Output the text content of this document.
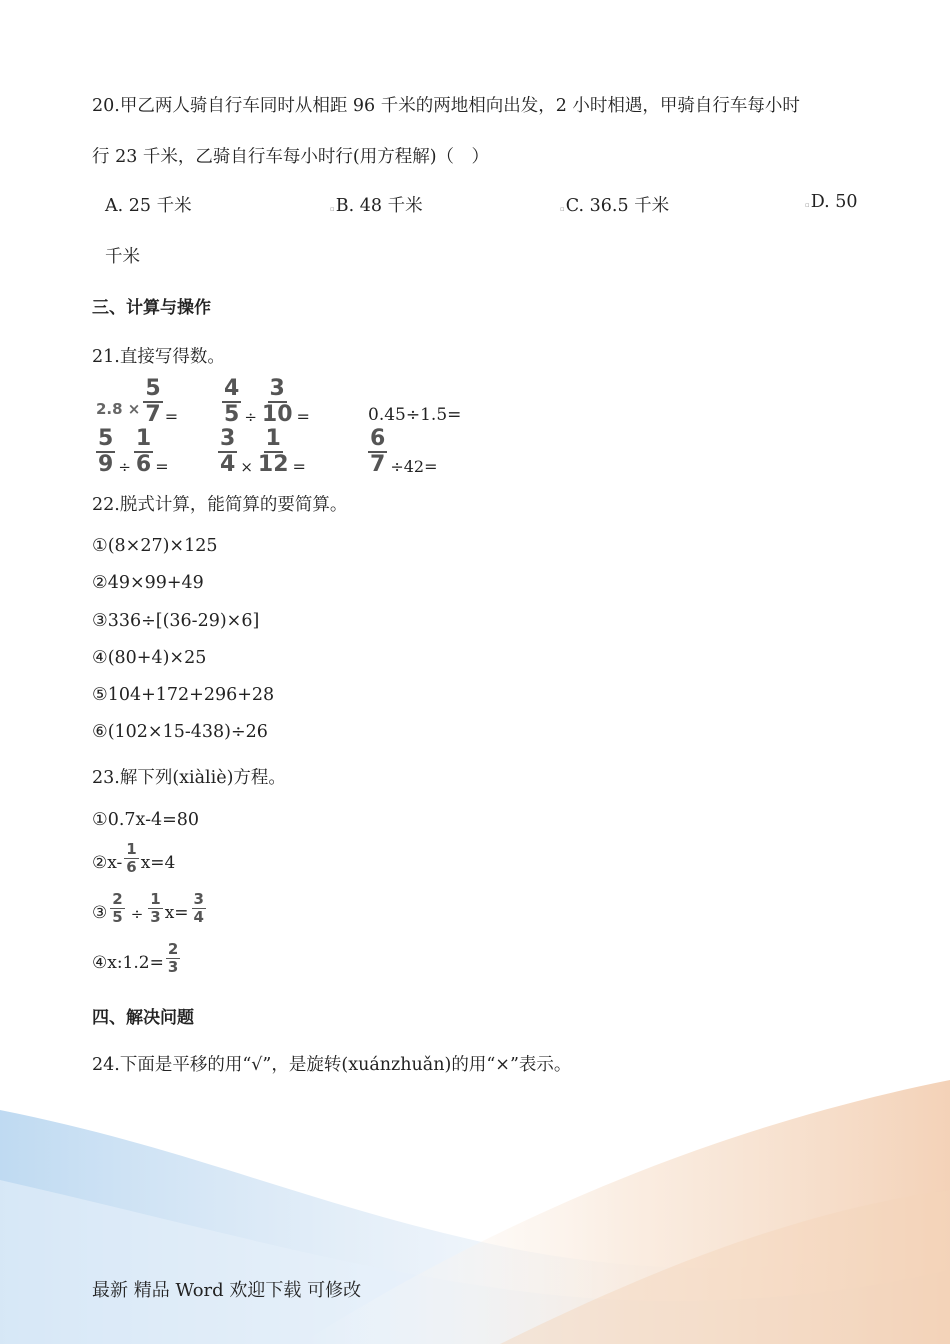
20.甲乙两人骑自行车同时从相距 96 千米的两地相向出发，2 小时相遇，甲骑自行车每小时
行 23 千米，乙骑自行车每小时行(用方程解)（　）
A. 25 千米	▫B. 48 千米	▫C. 36.5 千米	▫D. 50
千米
三、计算与操作
21.直接写得数。
$2.8 \times \frac{5}{7} = \frac{4}{5} \div \frac{3}{10}$ =	0.45÷1.5=
$\frac{5}{9} \div \frac{1}{6} = \frac{3}{4} \times \frac{1}{12}$ =	$\frac{6}{7} \div 42=$
22.脱式计算，能简算的要简算。
①(8×27)×125
②49×99+49
③336÷[(36-29)×6]
④(80+4)×25
⑤104+172+296+28
⑥(102×15-438)÷26
23.解下列(xiàliè)方程。
①0.7x-4=80
②x- $\frac{1}{6} x=4$
③ $\frac{2}{5} \div \frac{1}{3} x= \frac{3}{4}$
④x:1.2= $\frac{2}{3}$
四、解决问题
24.下面是平移的用“√”，是旋转(xuánzhuǎn)的用“×”表示。
最新 精品 Word 欢迎下载 可修改
